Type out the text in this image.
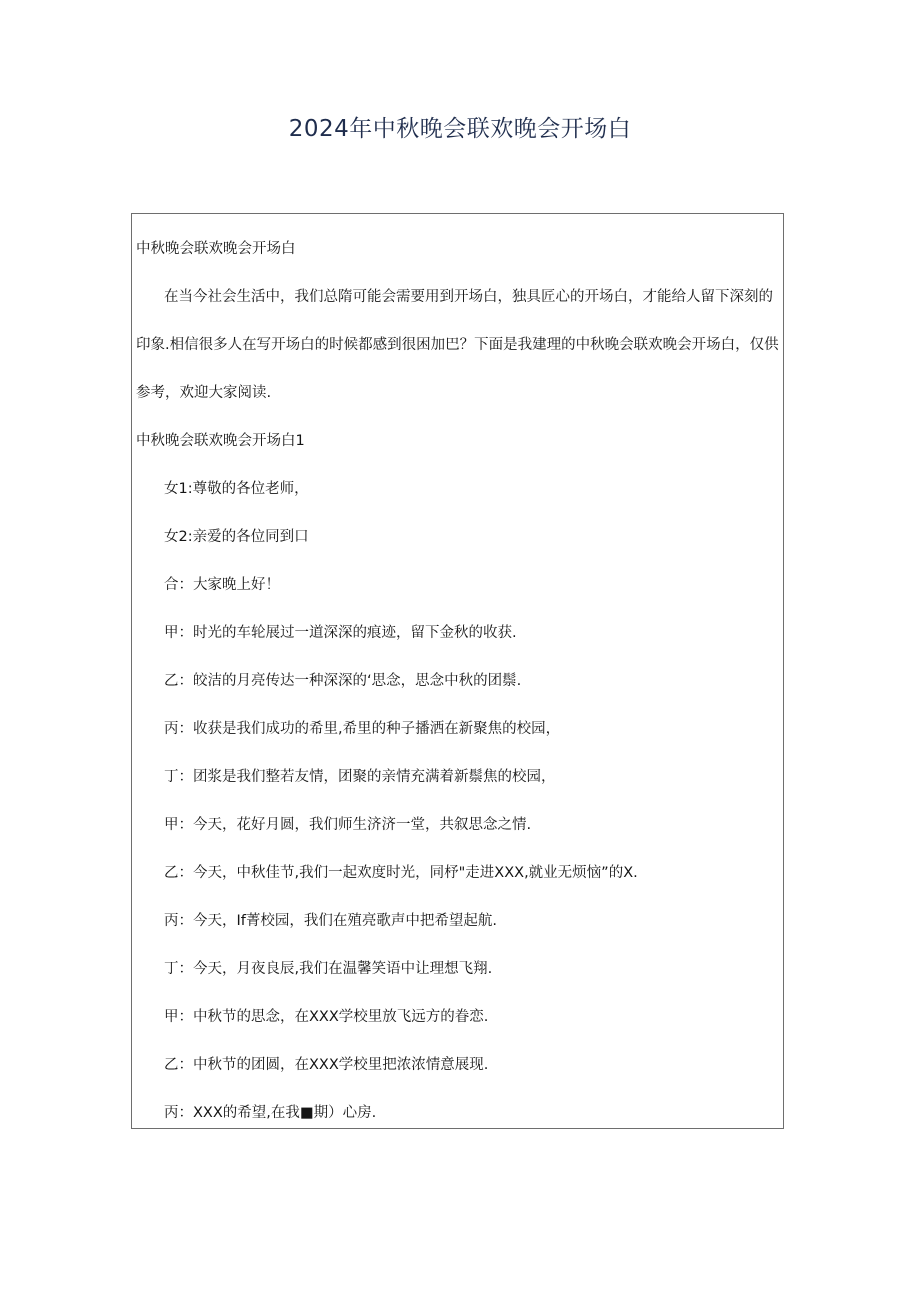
2024年中秋晚会联欢晚会开场白
中秋晚会联欢晚会开场白
在当今社会生活中，我们总隋可能会需要用到开场白，独具匠心的开场白，才能给人留下深刻的
印象.相信很多人在写开场白的时候都感到很困加巴？下面是我建理的中秋晚会联欢晚会开场白，仅供
参考，欢迎大家阅读.
中秋晚会联欢晚会开场白1
女1:尊敬的各位老师，
女2:亲爱的各位同到口
合：大家晚上好！
甲：时光的车轮展过一道深深的痕迹，留下金秋的收获.
乙：皎洁的月亮传达一种深深的‘思念，思念中秋的团鬃.
丙：收获是我们成功的希里,希里的种子播洒在新聚焦的校园，
丁：团浆是我们整若友情，团聚的亲情充满着新鬃焦的校园，
甲：今天，花好月圆，我们师生济济一堂，共叙思念之情.
乙：今天，中秋佳节,我们一起欢度时光，同杼"走进XXX,就业无烦恼”的X.
丙：今天，If菁校园，我们在殖亮歌声中把希望起航.
丁：今天，月夜良辰,我们在温馨笑语中让理想飞翔.
甲：中秋节的思念，在XXX学校里放飞远方的眷恋.
乙：中秋节的团圆，在XXX学校里把浓浓情意展现.
丙：XXX的希望,在我■期）心房.
